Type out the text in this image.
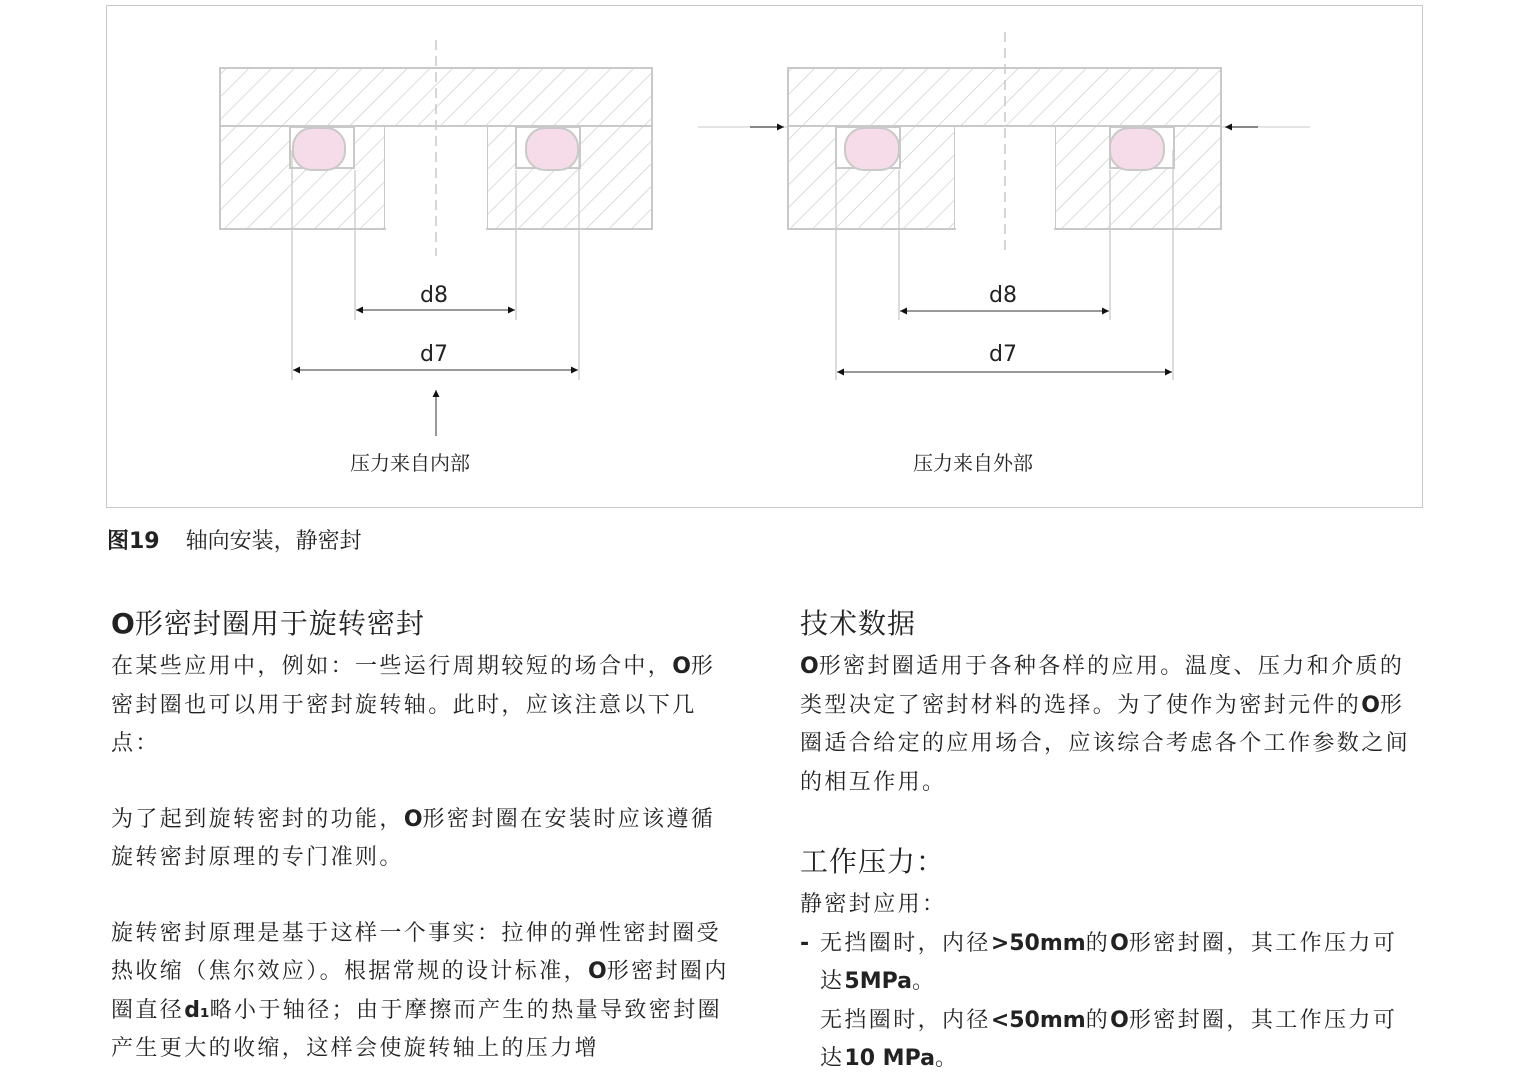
d8
d7
压力来自内部
d8
d7
压力来自外部
图19 轴向安装，静密封
O形密封圈用于旋转密封

在某些应用中，例如：一些运行周期较短的场合中，O形密封圈也可以用于密封旋转轴。此时，应该注意以下几点：

为了起到旋转密封的功能，O形密封圈在安装时应该遵循旋转密封原理的专门准则。

旋转密封原理是基于这样一个事实：拉伸的弹性密封圈受热收缩（焦尔效应）。根据常规的设计标准，O形密封圈内圈直径d₁略小于轴径；由于摩擦而产生的热量导致密封圈产生更大的收缩，这样会使旋转轴上的压力增

技术数据

O形密封圈适用于各种各样的应用。温度、压力和介质的类型决定了密封材料的选择。为了使作为密封元件的O形圈适合给定的应用场合，应该综合考虑各个工作参数之间的相互作用。

工作压力：

静密封应用：

- 无挡圈时，内径>50mm的O形密封圈，其工作压力可达5MPa。

无挡圈时，内径<50mm的O形密封圈，其工作压力可达10 MPa。
